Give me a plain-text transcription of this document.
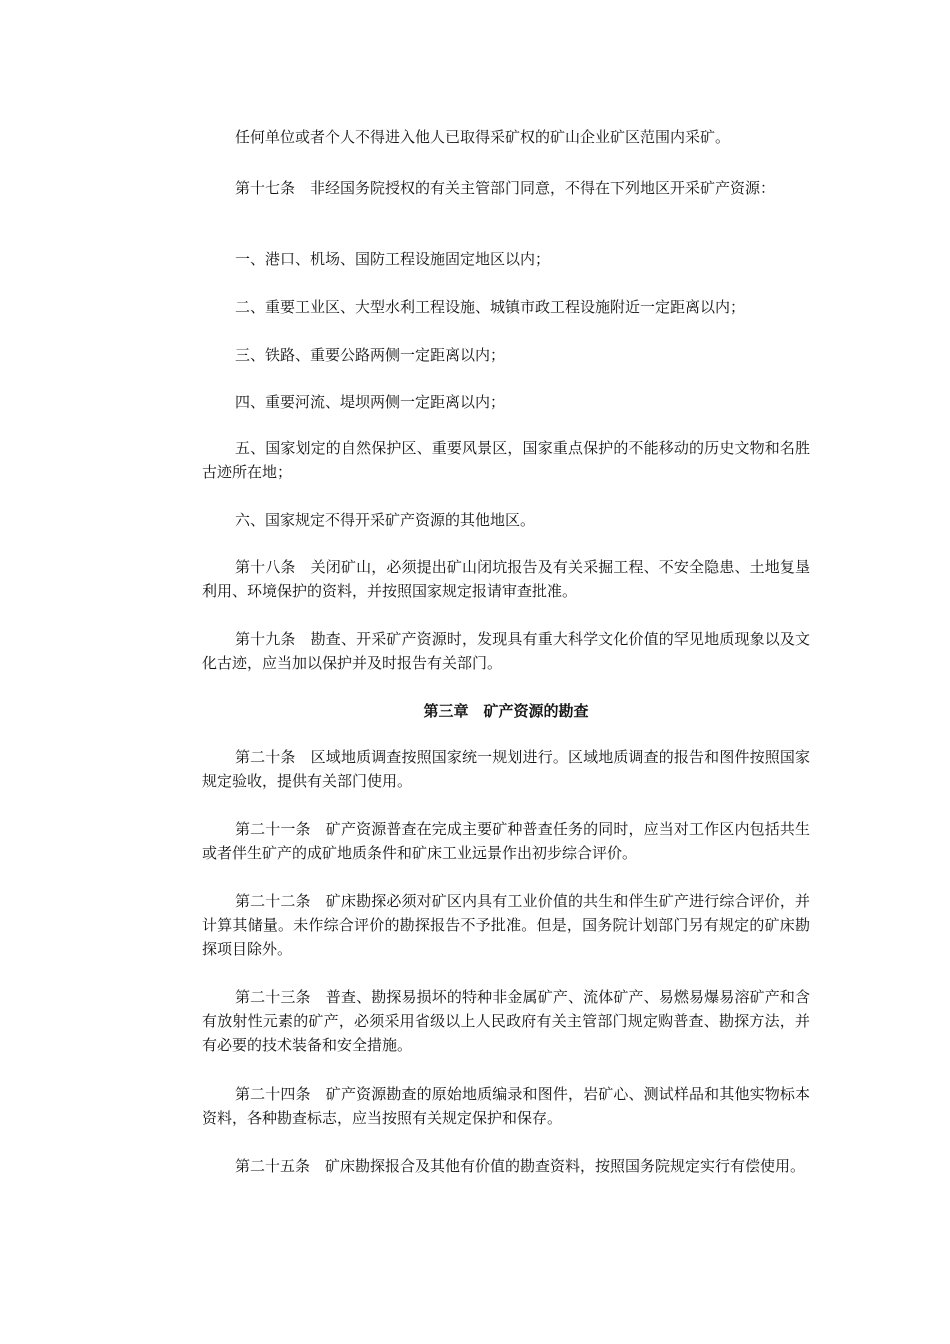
任何单位或者个人不得进入他人已取得采矿权的矿山企业矿区范围内采矿。

第十七条　非经国务院授权的有关主管部门同意，不得在下列地区开采矿产资源：

一、港口、机场、国防工程设施固定地区以内；

二、重要工业区、大型水利工程设施、城镇市政工程设施附近一定距离以内；

三、铁路、重要公路两侧一定距离以内；

四、重要河流、堤坝两侧一定距离以内；

五、国家划定的自然保护区、重要风景区，国家重点保护的不能移动的历史文物和名胜古迹所在地；

六、国家规定不得开采矿产资源的其他地区。

第十八条　关闭矿山，必须提出矿山闭坑报告及有关采掘工程、不安全隐患、土地复垦利用、环境保护的资料，并按照国家规定报请审查批准。

第十九条　勘查、开采矿产资源时，发现具有重大科学文化价值的罕见地质现象以及文化古迹，应当加以保护并及时报告有关部门。

第三章　矿产资源的勘查

第二十条　区域地质调查按照国家统一规划进行。区域地质调查的报告和图件按照国家规定验收，提供有关部门使用。

第二十一条　矿产资源普查在完成主要矿种普查任务的同时，应当对工作区内包括共生或者伴生矿产的成矿地质条件和矿床工业远景作出初步综合评价。

第二十二条　矿床勘探必须对矿区内具有工业价值的共生和伴生矿产进行综合评价，并计算其储量。未作综合评价的勘探报告不予批准。但是，国务院计划部门另有规定的矿床勘探项目除外。

第二十三条　普查、勘探易损坏的特种非金属矿产、流体矿产、易燃易爆易溶矿产和含有放射性元素的矿产，必须采用省级以上人民政府有关主管部门规定购普查、勘探方法，并有必要的技术装备和安全措施。

第二十四条　矿产资源勘查的原始地质编录和图件，岩矿心、测试样品和其他实物标本资料，各种勘查标志，应当按照有关规定保护和保存。

第二十五条　矿床勘探报合及其他有价值的勘查资料，按照国务院规定实行有偿使用。
